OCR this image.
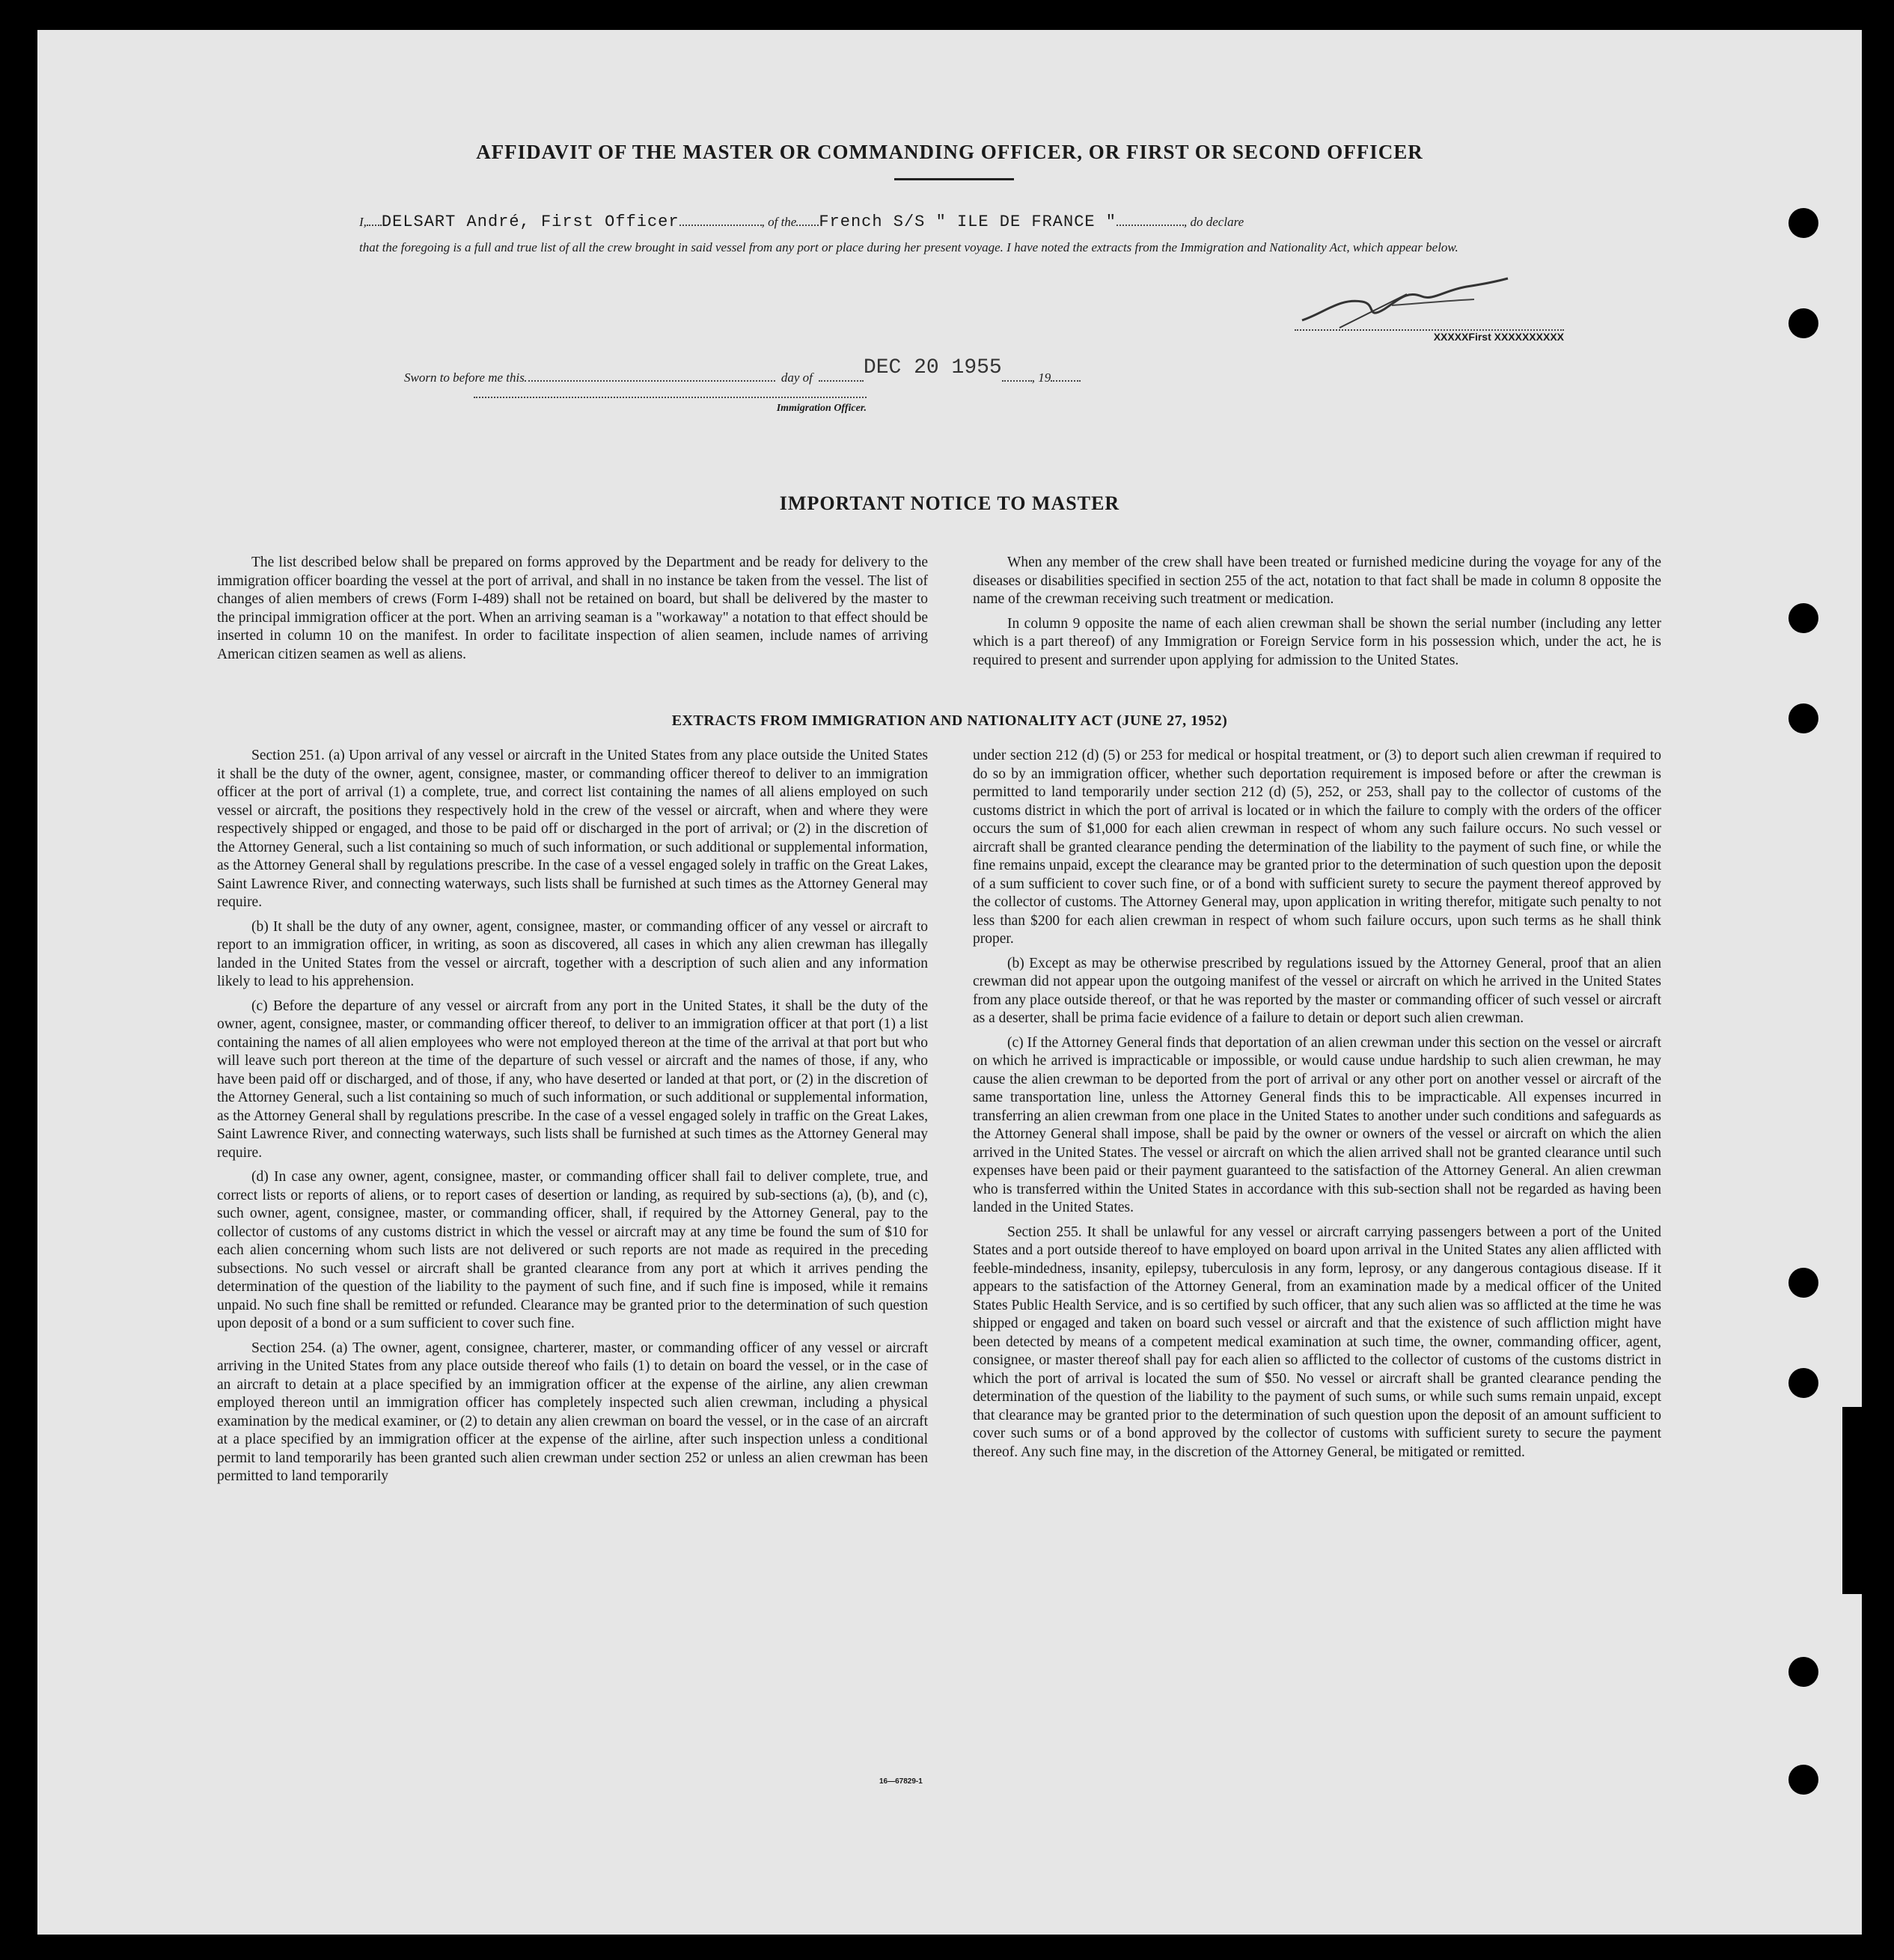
AFFIDAVIT OF THE MASTER OR COMMANDING OFFICER, OR FIRST OR SECOND OFFICER
I, DELSART André, First Officer	, of the French S/S " ILE DE FRANCE "	, do declare
that the foregoing is a full and true list of all the crew brought in said vessel from any port or place during her present voyage. I have noted the extracts from the Immigration and Nationality Act, which appear below.
XXXXXFirst XXXXXXXXXX
Sworn to before me this	day of DEC 20 1955 , 19
Immigration Officer.
IMPORTANT NOTICE TO MASTER

The list described below shall be prepared on forms approved by the Department and be ready for delivery to the immigration officer boarding the vessel at the port of arrival, and shall in no instance be taken from the vessel. The list of changes of alien members of crews (Form I-489) shall not be retained on board, but shall be delivered by the master to the principal immigration officer at the port. When an arriving seaman is a "workaway" a notation to that effect should be inserted in column 10 on the manifest. In order to facilitate inspection of alien seamen, include names of arriving American citizen seamen as well as aliens.

When any member of the crew shall have been treated or furnished medicine during the voyage for any of the diseases or disabilities specified in section 255 of the act, notation to that fact shall be made in column 8 opposite the name of the crewman receiving such treatment or medication.

In column 9 opposite the name of each alien crewman shall be shown the serial number (including any letter which is a part thereof) of any Immigration or Foreign Service form in his possession which, under the act, he is required to present and surrender upon applying for admission to the United States.

EXTRACTS FROM IMMIGRATION AND NATIONALITY ACT (JUNE 27, 1952)

Section 251. (a) Upon arrival of any vessel or aircraft in the United States from any place outside the United States it shall be the duty of the owner, agent, consignee, master, or commanding officer thereof to deliver to an immigration officer at the port of arrival (1) a complete, true, and correct list containing the names of all aliens employed on such vessel or aircraft, the positions they respectively hold in the crew of the vessel or aircraft, when and where they were respectively shipped or engaged, and those to be paid off or discharged in the port of arrival; or (2) in the discretion of the Attorney General, such a list containing so much of such information, or such additional or supplemental information, as the Attorney General shall by regulations prescribe. In the case of a vessel engaged solely in traffic on the Great Lakes, Saint Lawrence River, and connecting waterways, such lists shall be furnished at such times as the Attorney General may require.

(b) It shall be the duty of any owner, agent, consignee, master, or commanding officer of any vessel or aircraft to report to an immigration officer, in writing, as soon as discovered, all cases in which any alien crewman has illegally landed in the United States from the vessel or aircraft, together with a description of such alien and any information likely to lead to his apprehension.

(c) Before the departure of any vessel or aircraft from any port in the United States, it shall be the duty of the owner, agent, consignee, master, or commanding officer thereof, to deliver to an immigration officer at that port (1) a list containing the names of all alien employees who were not employed thereon at the time of the arrival at that port but who will leave such port thereon at the time of the departure of such vessel or aircraft and the names of those, if any, who have been paid off or discharged, and of those, if any, who have deserted or landed at that port, or (2) in the discretion of the Attorney General, such a list containing so much of such information, or such additional or supplemental information, as the Attorney General shall by regulations prescribe. In the case of a vessel engaged solely in traffic on the Great Lakes, Saint Lawrence River, and connecting waterways, such lists shall be furnished at such times as the Attorney General may require.

(d) In case any owner, agent, consignee, master, or commanding officer shall fail to deliver complete, true, and correct lists or reports of aliens, or to report cases of desertion or landing, as required by sub-sections (a), (b), and (c), such owner, agent, consignee, master, or commanding officer, shall, if required by the Attorney General, pay to the collector of customs of any customs district in which the vessel or aircraft may at any time be found the sum of $10 for each alien concerning whom such lists are not delivered or such reports are not made as required in the preceding subsections. No such vessel or aircraft shall be granted clearance from any port at which it arrives pending the determination of the question of the liability to the payment of such fine, and if such fine is imposed, while it remains unpaid. No such fine shall be remitted or refunded. Clearance may be granted prior to the determination of such question upon deposit of a bond or a sum sufficient to cover such fine.

Section 254. (a) The owner, agent, consignee, charterer, master, or commanding officer of any vessel or aircraft arriving in the United States from any place outside thereof who fails (1) to detain on board the vessel, or in the case of an aircraft to detain at a place specified by an immigration officer at the expense of the airline, any alien crewman employed thereon until an immigration officer has completely inspected such alien crewman, including a physical examination by the medical examiner, or (2) to detain any alien crewman on board the vessel, or in the case of an aircraft at a place specified by an immigration officer at the expense of the airline, after such inspection unless a conditional permit to land temporarily has been granted such alien crewman under section 252 or unless an alien crewman has been permitted to land temporarily

under section 212 (d) (5) or 253 for medical or hospital treatment, or (3) to deport such alien crewman if required to do so by an immigration officer, whether such deportation requirement is imposed before or after the crewman is permitted to land temporarily under section 212 (d) (5), 252, or 253, shall pay to the collector of customs of the customs district in which the port of arrival is located or in which the failure to comply with the orders of the officer occurs the sum of $1,000 for each alien crewman in respect of whom any such failure occurs. No such vessel or aircraft shall be granted clearance pending the determination of the liability to the payment of such fine, or while the fine remains unpaid, except the clearance may be granted prior to the determination of such question upon the deposit of a sum sufficient to cover such fine, or of a bond with sufficient surety to secure the payment thereof approved by the collector of customs. The Attorney General may, upon application in writing therefor, mitigate such penalty to not less than $200 for each alien crewman in respect of whom such failure occurs, upon such terms as he shall think proper.

(b) Except as may be otherwise prescribed by regulations issued by the Attorney General, proof that an alien crewman did not appear upon the outgoing manifest of the vessel or aircraft on which he arrived in the United States from any place outside thereof, or that he was reported by the master or commanding officer of such vessel or aircraft as a deserter, shall be prima facie evidence of a failure to detain or deport such alien crewman.

(c) If the Attorney General finds that deportation of an alien crewman under this section on the vessel or aircraft on which he arrived is impracticable or impossible, or would cause undue hardship to such alien crewman, he may cause the alien crewman to be deported from the port of arrival or any other port on another vessel or aircraft of the same transportation line, unless the Attorney General finds this to be impracticable. All expenses incurred in transferring an alien crewman from one place in the United States to another under such conditions and safeguards as the Attorney General shall impose, shall be paid by the owner or owners of the vessel or aircraft on which the alien arrived in the United States. The vessel or aircraft on which the alien arrived shall not be granted clearance until such expenses have been paid or their payment guaranteed to the satisfaction of the Attorney General. An alien crewman who is transferred within the United States in accordance with this sub-section shall not be regarded as having been landed in the United States.

Section 255. It shall be unlawful for any vessel or aircraft carrying passengers between a port of the United States and a port outside thereof to have employed on board upon arrival in the United States any alien afflicted with feeble-mindedness, insanity, epilepsy, tuberculosis in any form, leprosy, or any dangerous contagious disease. If it appears to the satisfaction of the Attorney General, from an examination made by a medical officer of the United States Public Health Service, and is so certified by such officer, that any such alien was so afflicted at the time he was shipped or engaged and taken on board such vessel or aircraft and that the existence of such affliction might have been detected by means of a competent medical examination at such time, the owner, commanding officer, agent, consignee, or master thereof shall pay for each alien so afflicted to the collector of customs of the customs district in which the port of arrival is located the sum of $50. No vessel or aircraft shall be granted clearance pending the determination of the question of the liability to the payment of such sums, or while such sums remain unpaid, except that clearance may be granted prior to the determination of such question upon the deposit of an amount sufficient to cover such sums or of a bond approved by the collector of customs with sufficient surety to secure the payment thereof. Any such fine may, in the discretion of the Attorney General, be mitigated or remitted.

16—67829-1
